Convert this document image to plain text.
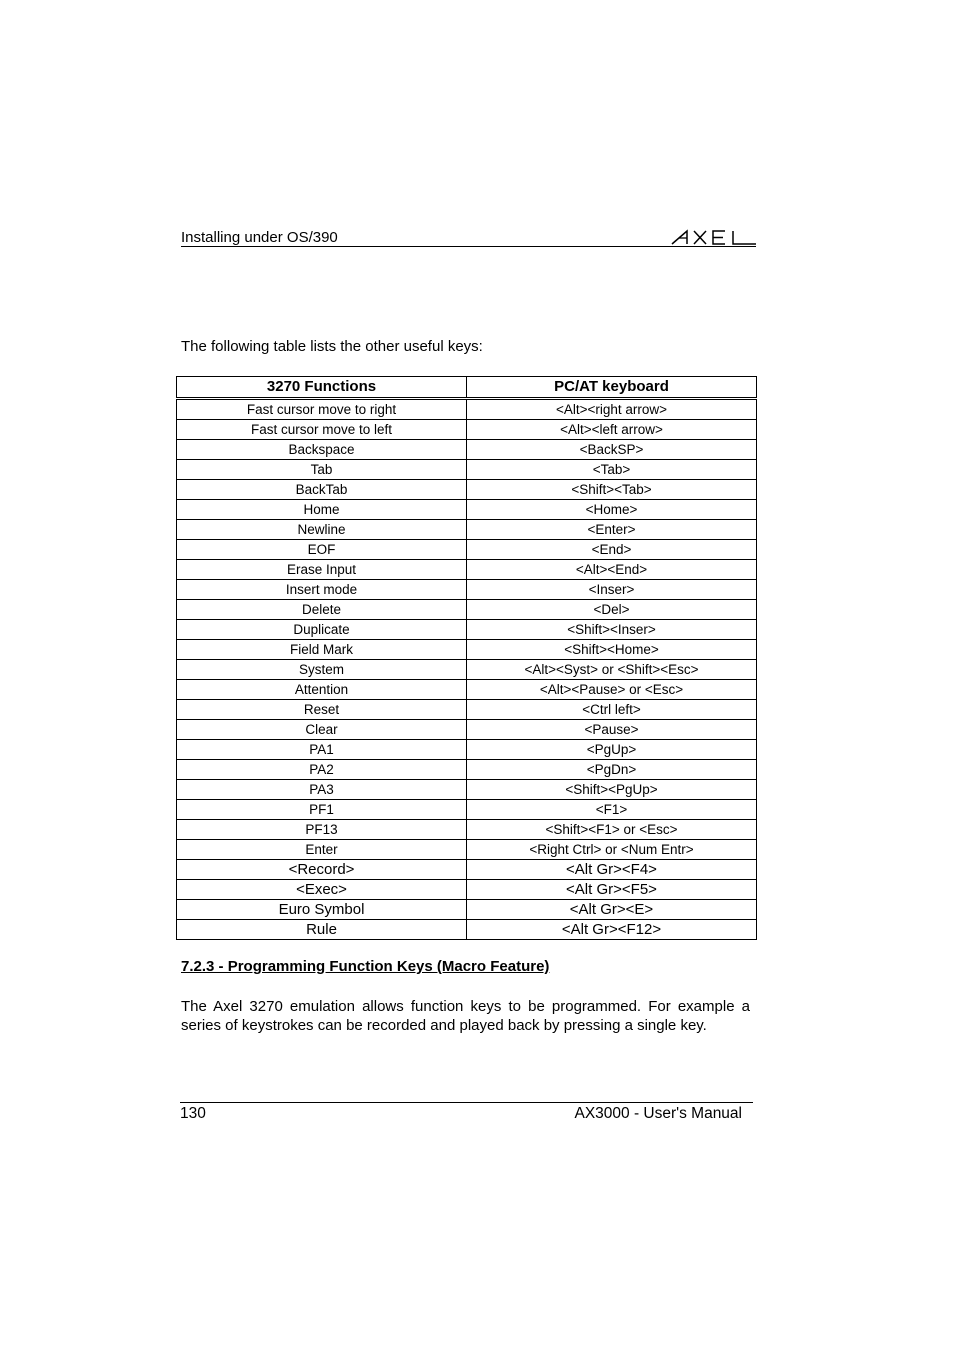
Installing under OS/390
The following table lists the other useful keys:
3270 Functions	PC/AT keyboard
Fast cursor move to right	<Alt><right arrow>
Fast cursor move to left	<Alt><left arrow>
Backspace	<BackSP>
Tab	<Tab>
BackTab	<Shift><Tab>
Home	<Home>
Newline	<Enter>
EOF	<End>
Erase Input	<Alt><End>
Insert mode	<Inser>
Delete	<Del>
Duplicate	<Shift><Inser>
Field Mark	<Shift><Home>
System	<Alt><Syst> or <Shift><Esc>
Attention	<Alt><Pause> or <Esc>
Reset	<Ctrl left>
Clear	<Pause>
PA1	<PgUp>
PA2	<PgDn>
PA3	<Shift><PgUp>
PF1	<F1>
PF13	<Shift><F1> or <Esc>
Enter	<Right Ctrl> or <Num Entr>
<Record>	<Alt Gr><F4>
<Exec>	<Alt Gr><F5>
Euro Symbol	<Alt Gr><E>
Rule	<Alt Gr><F12>
7.2.3 - Programming Function Keys (Macro Feature)
The Axel 3270 emulation allows function keys to be programmed. For example a series of keystrokes can be recorded and played back by pressing a single key.
130	AX3000 - User's Manual
